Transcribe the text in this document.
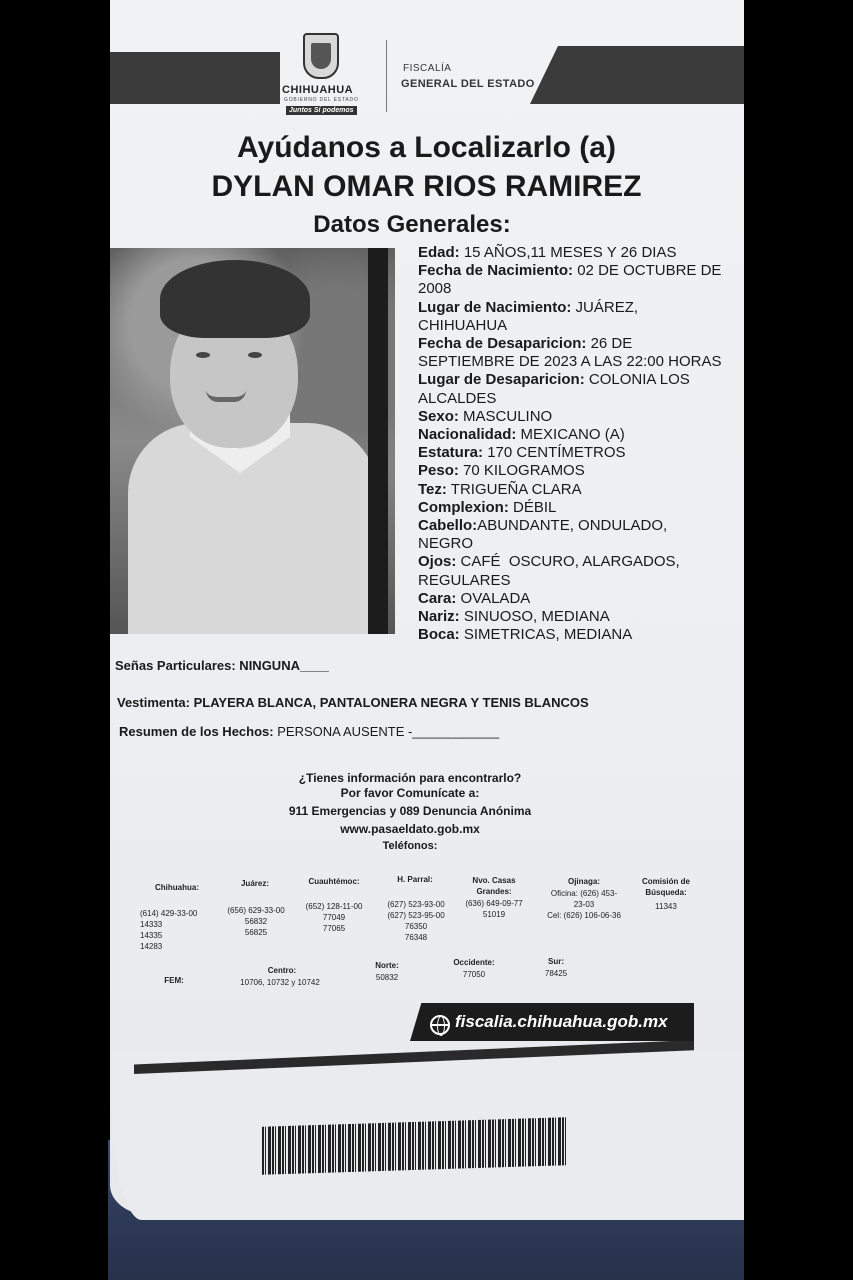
CHIHUAHUA
GOBIERNO DEL ESTADO
Juntos Sí podemos
FISCALÍA
GENERAL DEL ESTADO
Ayúdanos a Localizarlo (a)
DYLAN OMAR RIOS RAMIREZ
Datos Generales:
Edad: 15 AÑOS,11 MESES Y 26 DIAS
Fecha de Nacimiento: 02 DE OCTUBRE DE
2008
Lugar de Nacimiento: JUÁREZ,
CHIHUAHUA
Fecha de Desaparicion: 26 DE
SEPTIEMBRE DE 2023 A LAS 22:00 HORAS
Lugar de Desaparicion: COLONIA LOS
ALCALDES
Sexo: MASCULINO
Nacionalidad: MEXICANO (A)
Estatura: 170 CENTÍMETROS
Peso: 70 KILOGRAMOS
Tez: TRIGUEÑA CLARA
Complexion: DÉBIL
Cabello:ABUNDANTE, ONDULADO,
NEGRO
Ojos: CAFÉ  OSCURO, ALARGADOS,
REGULARES
Cara: OVALADA
Nariz: SINUOSO, MEDIANA
Boca: SIMETRICAS, MEDIANA
Señas Particulares: NINGUNA____
Vestimenta: PLAYERA BLANCA, PANTALONERA NEGRA Y TENIS BLANCOS
Resumen de los Hechos: PERSONA AUSENTE -____________
¿Tienes información para encontrarlo?
Por favor Comunícate a:
911 Emergencias y 089 Denuncia Anónima
www.pasaeldato.gob.mx
Teléfonos:
Chihuahua:
(614) 429-33-00
14333
14335
14283
Juárez:
(656) 629-33-00
56832
56825
Cuauhtémoc:
(652) 128-11-00
77049
77065
H. Parral:
(627) 523-93-00
(627) 523-95-00
76350
76348

Nvo. Casas
Grandes:

(636) 649-09-77
51019
Ojinaga:
Oficina: (626) 453-
23-03
Cel: (626) 106-06-36

Comisión de
Búsqueda:

11343
FEM:
Centro:
10706, 10732 y 10742
Norte:
50832
Occidente:
77050
Sur:
78425
fiscalia.chihuahua.gob.mx
